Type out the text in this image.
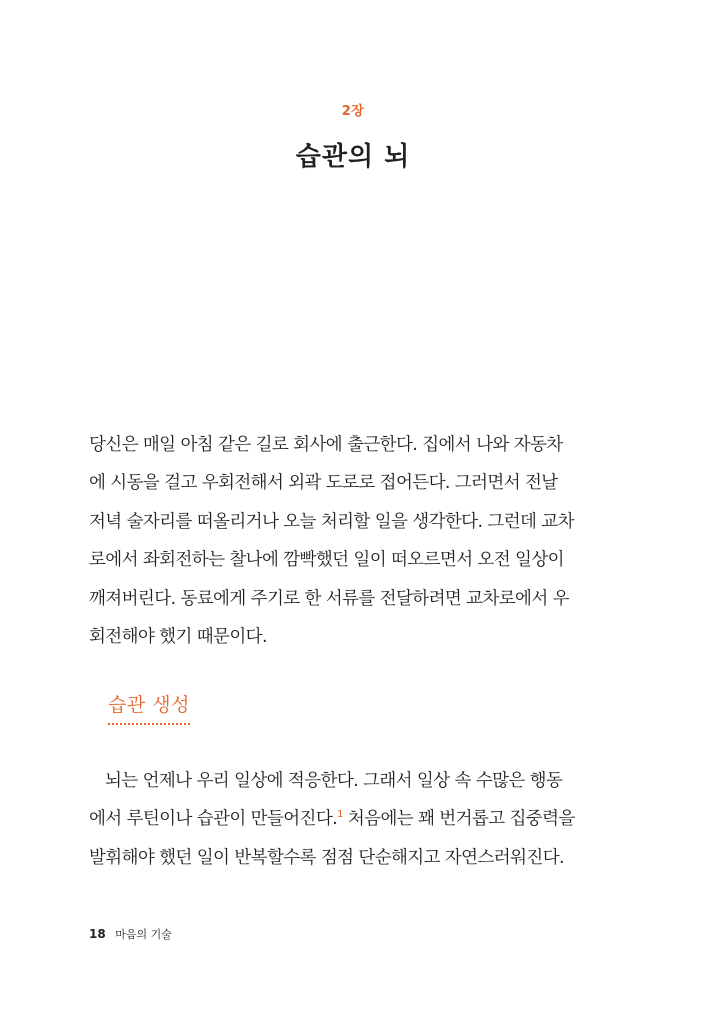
2장
습관의 뇌
당신은 매일 아침 같은 길로 회사에 출근한다. 집에서 나와 자동차
에 시동을 걸고 우회전해서 외곽 도로로 접어든다. 그러면서 전날
저녁 술자리를 떠올리거나 오늘 처리할 일을 생각한다. 그런데 교차
로에서 좌회전하는 찰나에 깜빡했던 일이 떠오르면서 오전 일상이
깨져버린다. 동료에게 주기로 한 서류를 전달하려면 교차로에서 우
회전해야 했기 때문이다.
습관 생성
뇌는 언제나 우리 일상에 적응한다. 그래서 일상 속 수많은 행동
에서 루틴이나 습관이 만들어진다.$^1$ 처음에는 꽤 번거롭고 집중력을
발휘해야 했던 일이 반복할수록 점점 단순해지고 자연스러워진다.
18 마음의 기술
